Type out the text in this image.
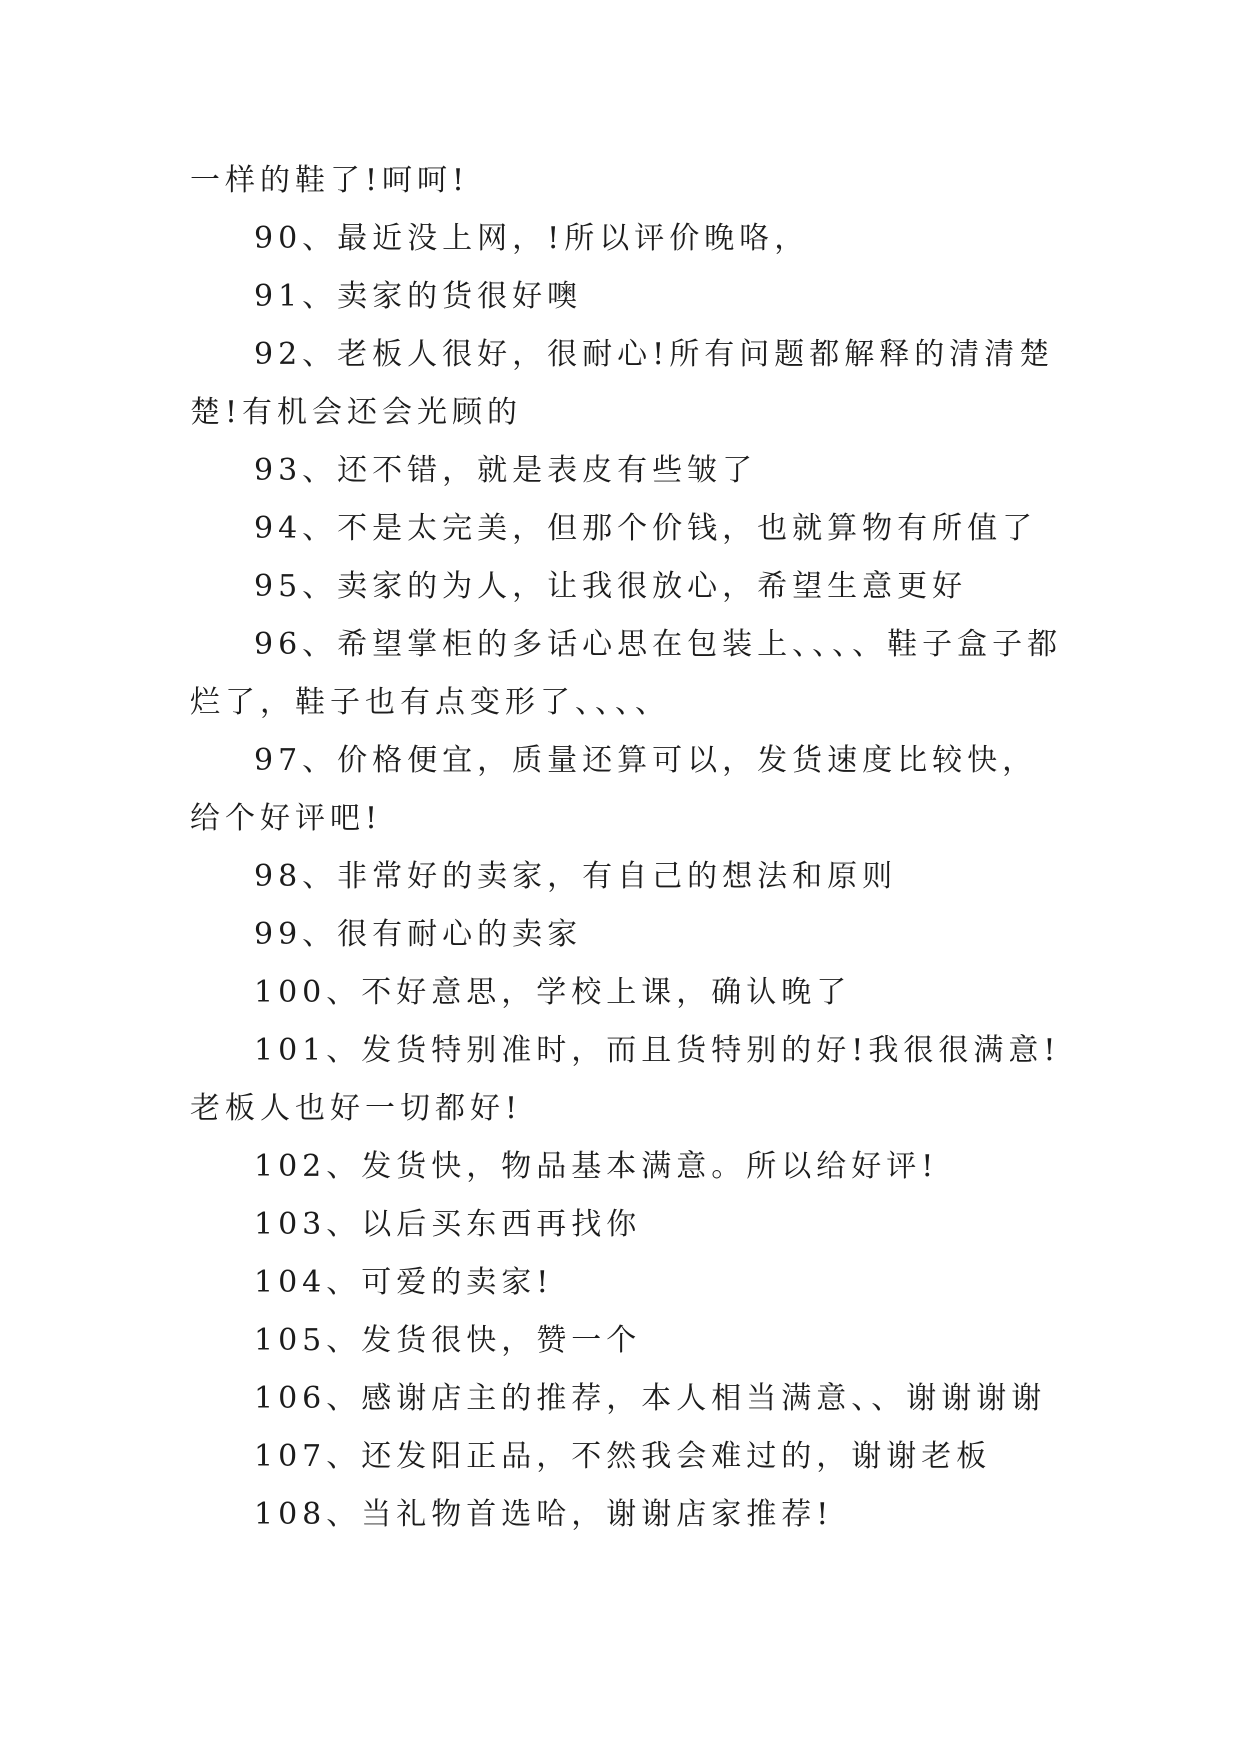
一样的鞋了!呵呵!

90、最近没上网，!所以评价晚咯，

91、卖家的货很好噢

92、老板人很好，很耐心!所有问题都解释的清清楚楚!有机会还会光顾的

93、还不错，就是表皮有些皱了

94、不是太完美，但那个价钱，也就算物有所值了

95、卖家的为人，让我很放心，希望生意更好

96、希望掌柜的多话心思在包装上、、、、鞋子盒子都烂了，鞋子也有点变形了、、、、

97、价格便宜，质量还算可以，发货速度比较快，给个好评吧!

98、非常好的卖家，有自己的想法和原则

99、很有耐心的卖家

100、不好意思，学校上课，确认晚了

101、发货特别准时，而且货特别的好!我很很满意!老板人也好一切都好!

102、发货快，物品基本满意。所以给好评!

103、以后买东西再找你

104、可爱的卖家!

105、发货很快，赞一个

106、感谢店主的推荐，本人相当满意、、谢谢谢谢

107、还发阳正品，不然我会难过的，谢谢老板

108、当礼物首选哈，谢谢店家推荐!
